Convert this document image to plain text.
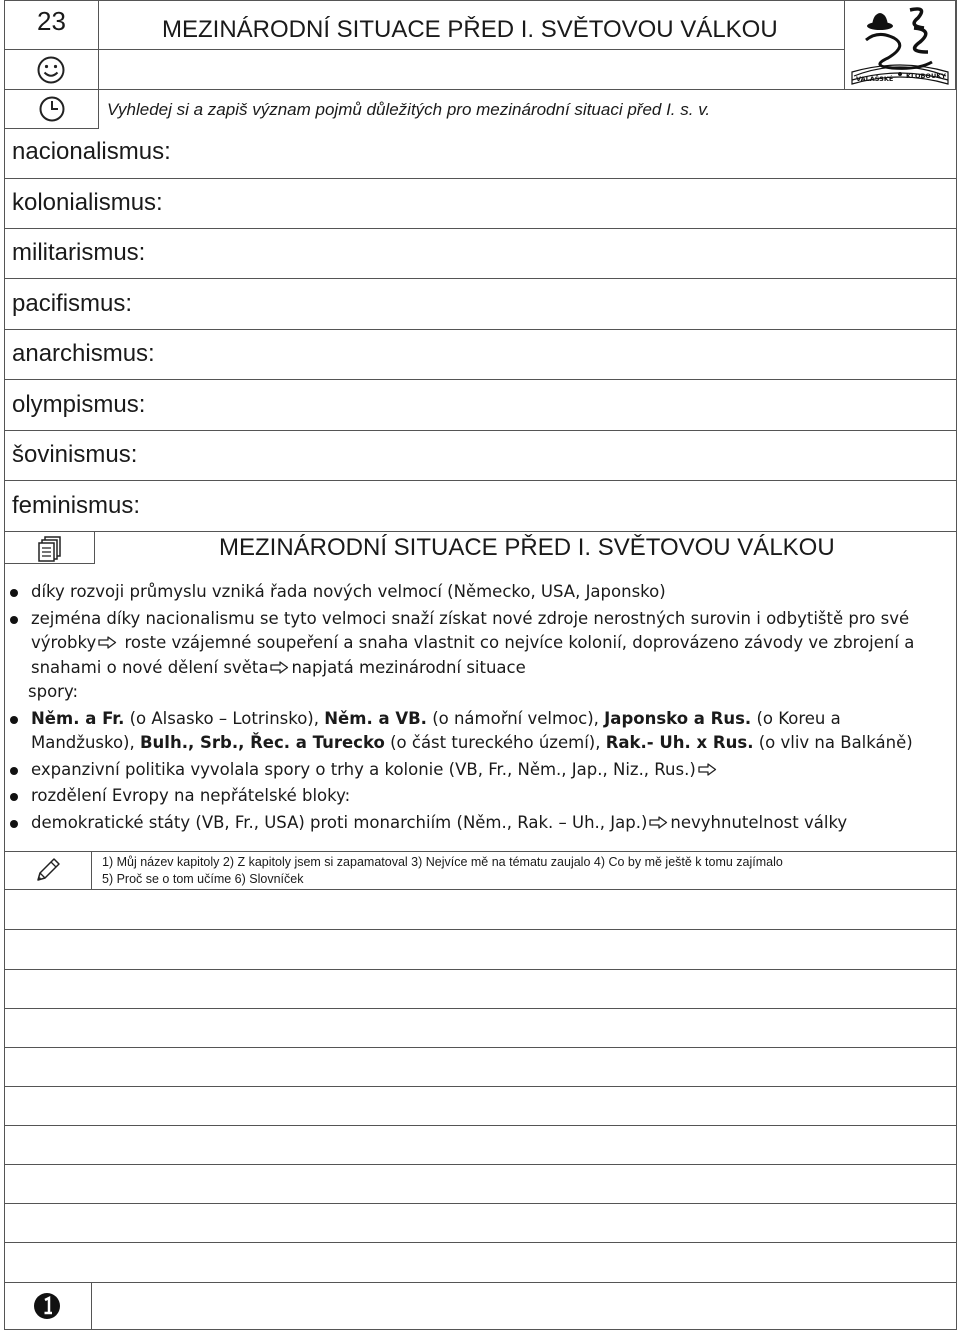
23	MEZINÁRODNÍ SITUACE PŘED I. SVĚTOVOU VÁLKOU
Vyhledej si a zapiš význam pojmů důležitých pro mezinárodní situaci před I. s. v.
VALAŠSKÉ KLOBOUKY
nacionalismus:
kolonialismus:
militarismus:
pacifismus:
anarchismus:
olympismus:
šovinismus:
feminismus:
MEZINÁRODNÍ SITUACE PŘED I. SVĚTOVOU VÁLKOU
díky rozvoji průmyslu vzniká řada nových velmocí (Německo, USA, Japonsko)
zejména díky nacionalismu se tyto velmoci snaží získat nové zdroje nerostných surovin i odbytiště pro své výrobky roste vzájemné soupeření a snaha vlastnit co nejvíce kolonií, doprovázeno závody ve zbrojení a snahami o nové dělení světa napjatá mezinárodní situace
spory:
Něm. a Fr. (o Alsasko – Lotrinsko), Něm. a VB. (o námořní velmoc), Japonsko a Rus. (o Koreu a Mandžusko), Bulh., Srb., Řec. a Turecko (o část tureckého území), Rak.- Uh. x Rus. (o vliv na Balkáně)
expanzivní politika vyvolala spory o trhy a kolonie (VB, Fr., Něm., Jap., Niz., Rus.)
rozdělení Evropy na nepřátelské bloky:
demokratické státy (VB, Fr., USA) proti monarchiím (Něm., Rak. – Uh., Jap.) nevyhnutelnost války
1) Můj název kapitoly 2) Z kapitoly jsem si zapamatoval 3) Nejvíce mě na tématu zaujalo 4) Co by mě ještě k tomu zajímalo
5) Proč se o tom učíme 6) Slovníček
